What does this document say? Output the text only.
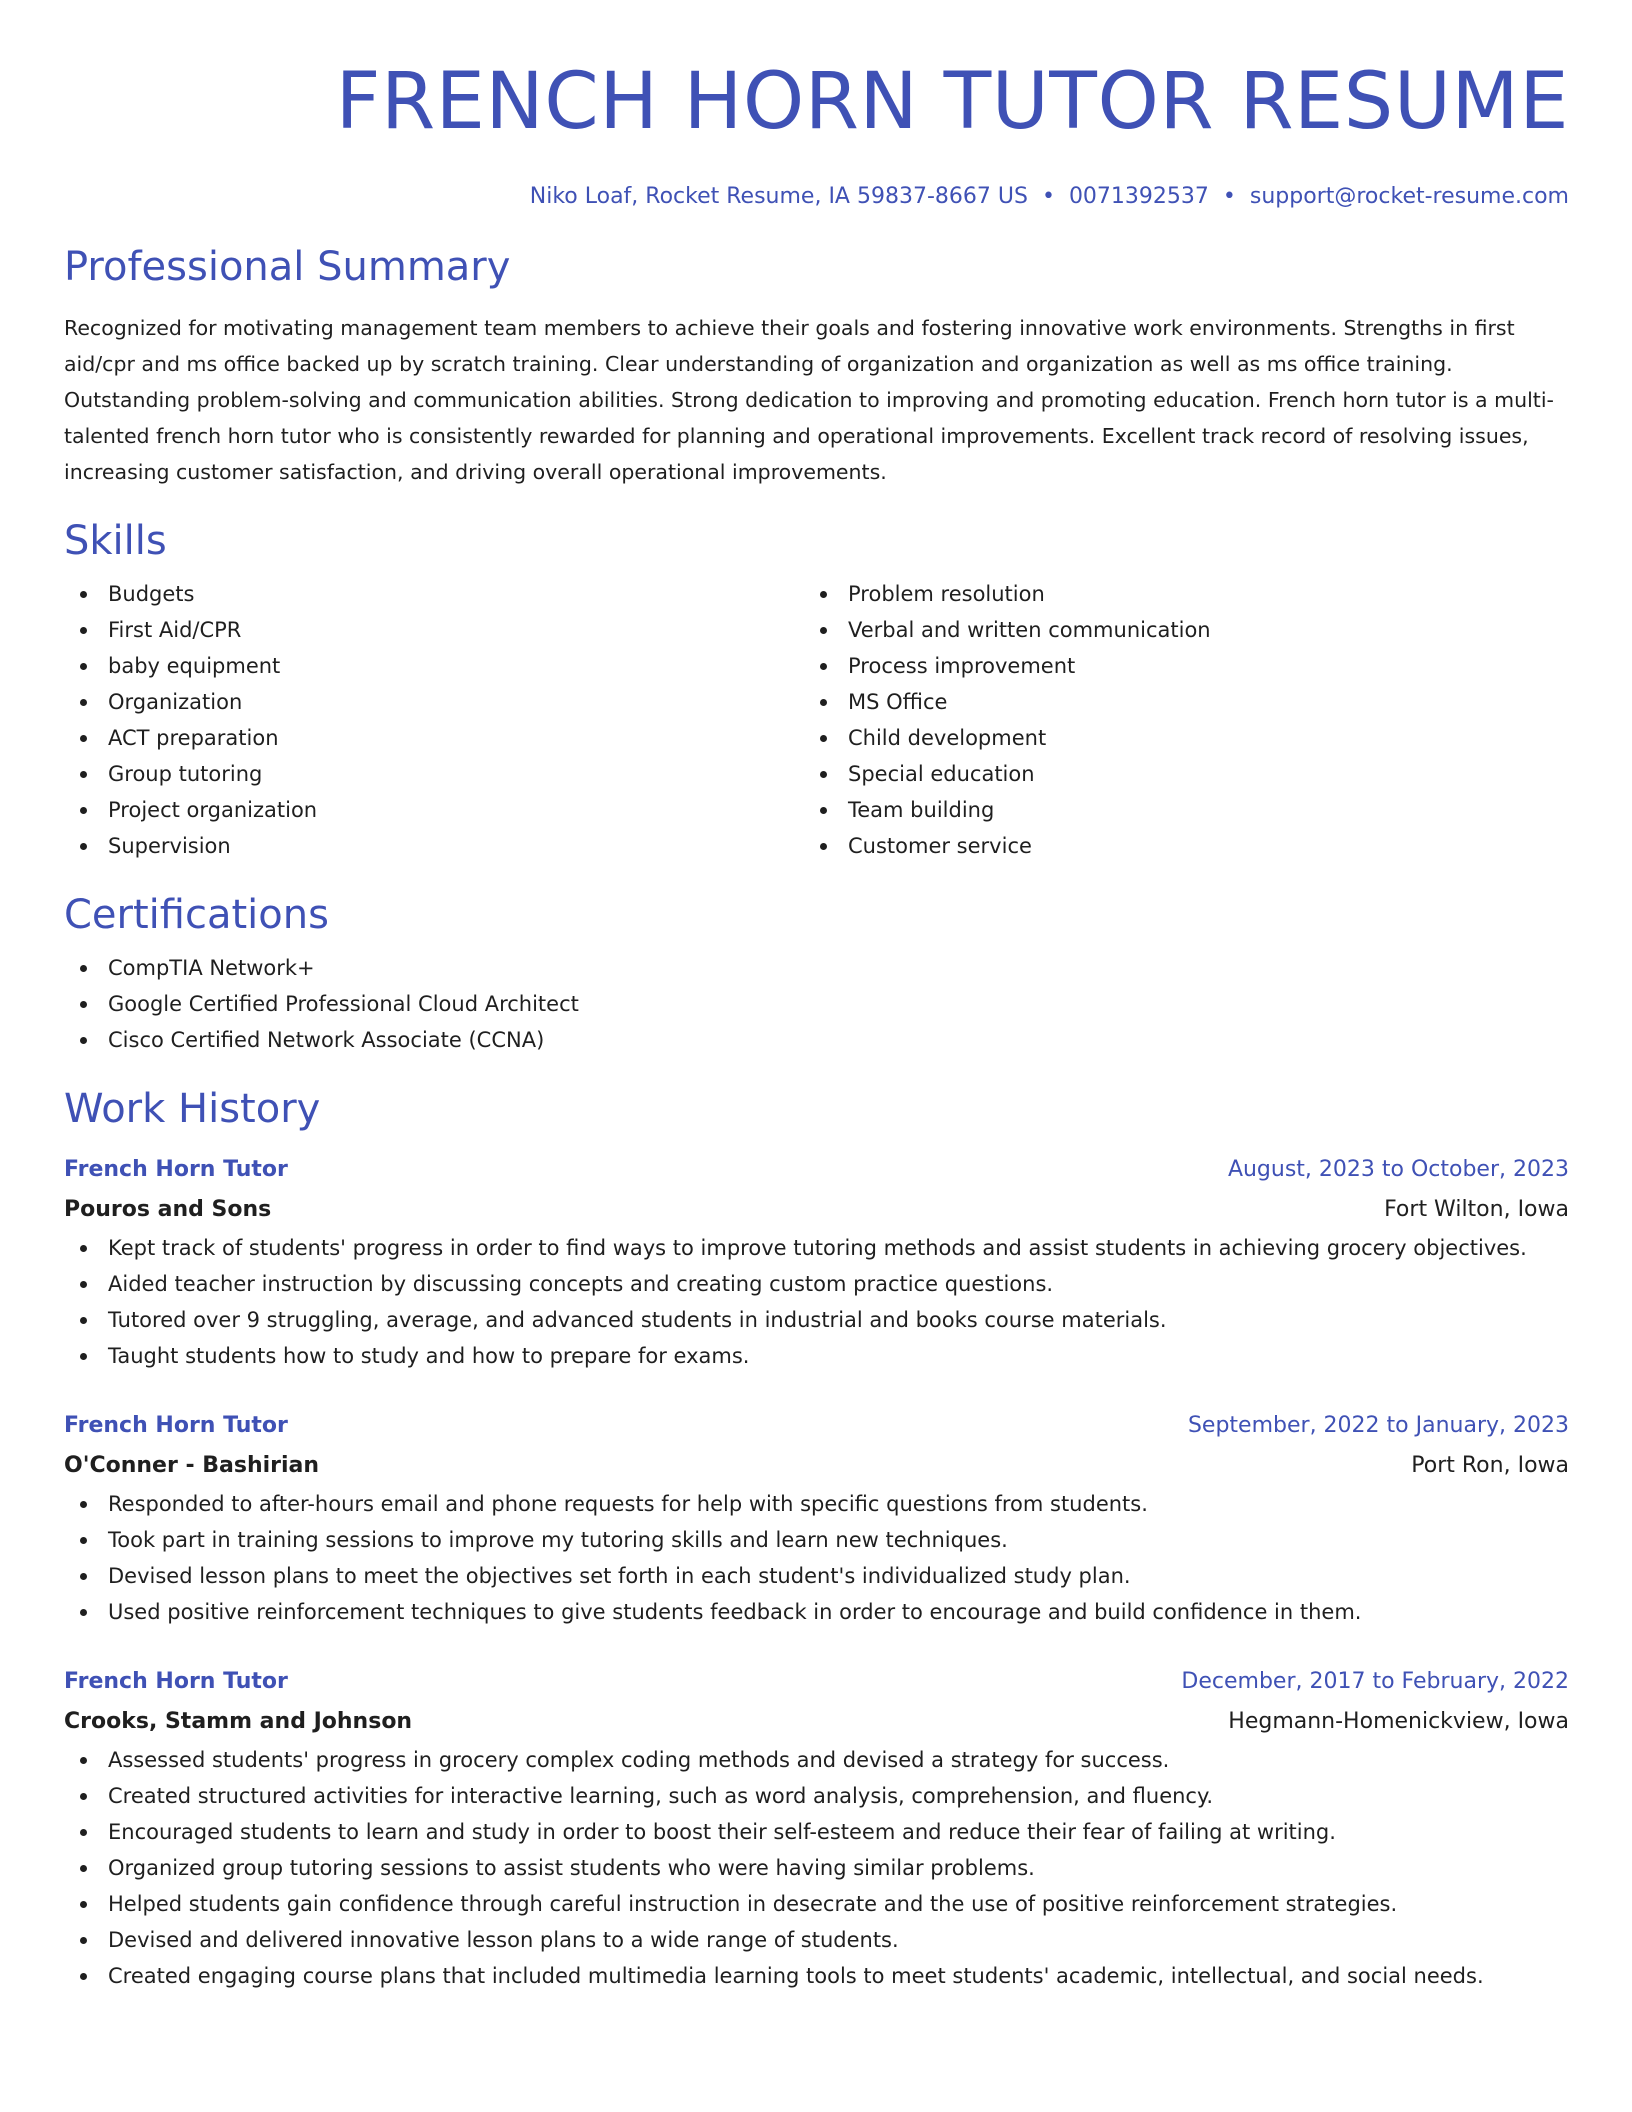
FRENCH HORN TUTOR RESUME
Niko Loaf, Rocket Resume, IA 59837-8667 US • 0071392537 • support@rocket-resume.com
Professional Summary

Recognized for motivating management team members to achieve their goals and fostering innovative work environments. Strengths in first aid/cpr and ms office backed up by scratch training. Clear understanding of organization and organization as well as ms office training. Outstanding problem-solving and communication abilities. Strong dedication to improving and promoting education. French horn tutor is a multi-talented french horn tutor who is consistently rewarded for planning and operational improvements. Excellent track record of resolving issues, increasing customer satisfaction, and driving overall operational improvements.

Skills
Budgets
First Aid/CPR
baby equipment
Organization
ACT preparation
Group tutoring
Project organization
Supervision
Problem resolution
Verbal and written communication
Process improvement
MS Office
Child development
Special education
Team building
Customer service
Certifications
CompTIA Network+
Google Certified Professional Cloud Architect
Cisco Certified Network Associate (CCNA)
Work History
French Horn Tutor	August, 2023 to October, 2023
Pouros and Sons	Fort Wilton, Iowa
Kept track of students' progress in order to find ways to improve tutoring methods and assist students in achieving grocery objectives.
Aided teacher instruction by discussing concepts and creating custom practice questions.
Tutored over 9 struggling, average, and advanced students in industrial and books course materials.
Taught students how to study and how to prepare for exams.
French Horn Tutor	September, 2022 to January, 2023
O'Conner - Bashirian	Port Ron, Iowa
Responded to after-hours email and phone requests for help with specific questions from students.
Took part in training sessions to improve my tutoring skills and learn new techniques.
Devised lesson plans to meet the objectives set forth in each student's individualized study plan.
Used positive reinforcement techniques to give students feedback in order to encourage and build confidence in them.
French Horn Tutor	December, 2017 to February, 2022
Crooks, Stamm and Johnson	Hegmann-Homenickview, Iowa
Assessed students' progress in grocery complex coding methods and devised a strategy for success.
Created structured activities for interactive learning, such as word analysis, comprehension, and fluency.
Encouraged students to learn and study in order to boost their self-esteem and reduce their fear of failing at writing.
Organized group tutoring sessions to assist students who were having similar problems.
Helped students gain confidence through careful instruction in desecrate and the use of positive reinforcement strategies.
Devised and delivered innovative lesson plans to a wide range of students.
Created engaging course plans that included multimedia learning tools to meet students' academic, intellectual, and social needs.
